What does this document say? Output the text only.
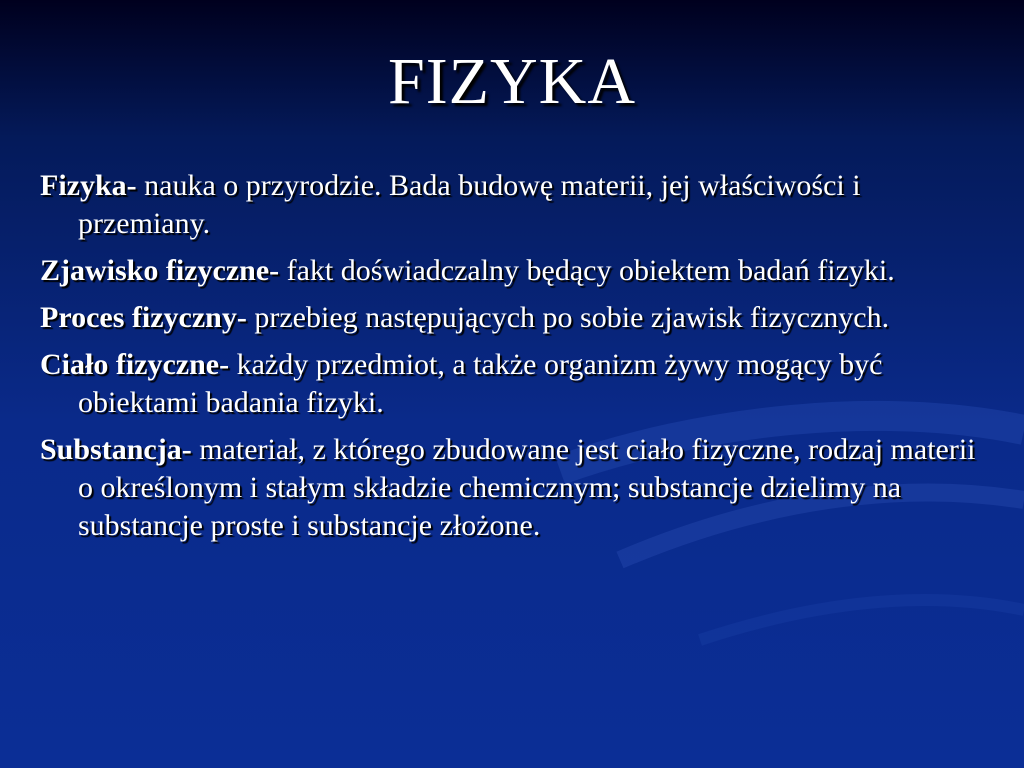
FIZYKA
Fizyka- nauka o przyrodzie. Bada budowę materii, jej właściwości i przemiany.
Zjawisko fizyczne- fakt doświadczalny będący obiektem badań fizyki.
Proces fizyczny- przebieg następujących po sobie zjawisk fizycznych.
Ciało fizyczne- każdy przedmiot, a także organizm żywy mogący być obiektami badania fizyki.
Substancja- materiał, z którego zbudowane jest ciało fizyczne, rodzaj materii o określonym i stałym składzie chemicznym; substancje dzielimy na substancje proste i substancje złożone.
